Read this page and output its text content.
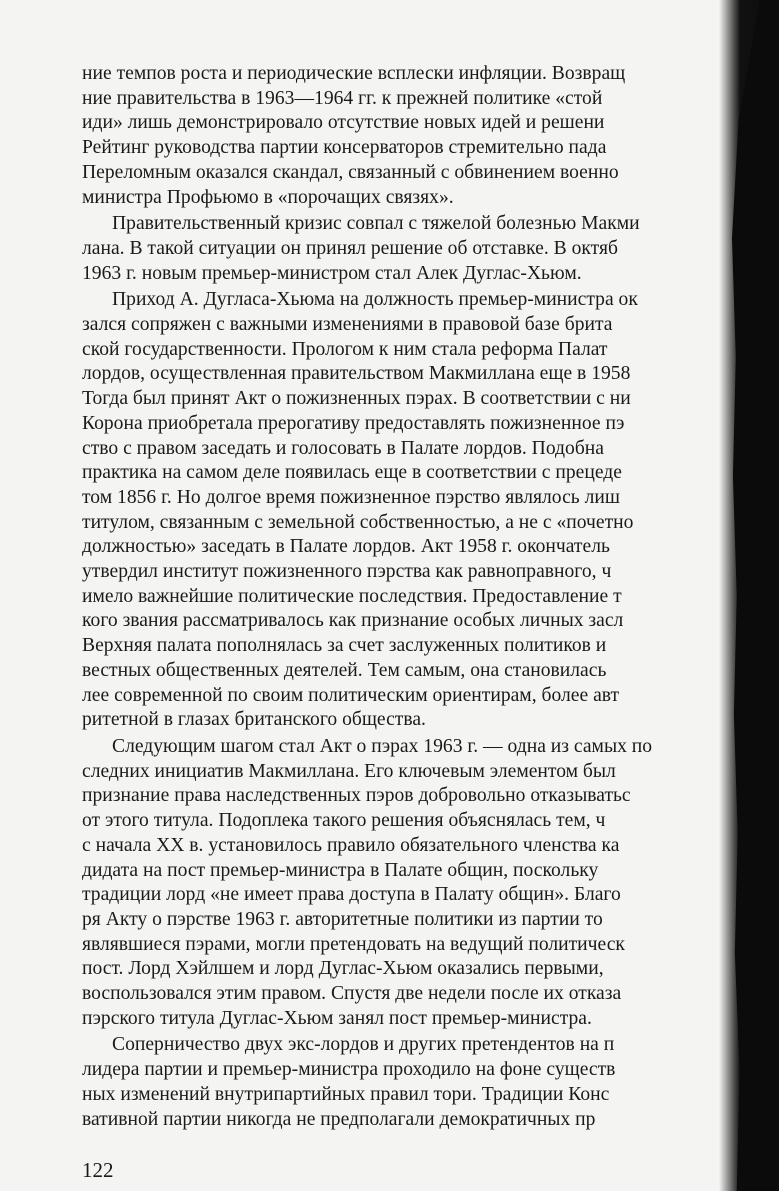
ние темпов роста и периодические всплески инфляции. Возвращ
ние правительства в 1963—1964 гг. к прежней политике «стой
иди» лишь демонстрировало отсутствие новых идей и решени
Рейтинг руководства партии консерваторов стремительно пада
Переломным оказался скандал, связанный с обвинением военно
министра Профьюмо в «порочащих связях».
Правительственный кризис совпал с тяжелой болезнью Макми
лана. В такой ситуации он принял решение об отставке. В октяб
1963 г. новым премьер-министром стал Алек Дуглас-Хьюм.
Приход А. Дугласа-Хьюма на должность премьер-министра ок
зался сопряжен с важными изменениями в правовой базе брита
ской государственности. Прологом к ним стала реформа Палат
лордов, осуществленная правительством Макмиллана еще в 1958
Тогда был принят Акт о пожизненных пэрах. В соответствии с ни
Корона приобретала прерогативу предоставлять пожизненное пэ
ство с правом заседать и голосовать в Палате лордов. Подобна
практика на самом деле появилась еще в соответствии с прецеде
том 1856 г. Но долгое время пожизненное пэрство являлось лиш
титулом, связанным с земельной собственностью, а не с «почетно
должностью» заседать в Палате лордов. Акт 1958 г. окончатель
утвердил институт пожизненного пэрства как равноправного, ч
имело важнейшие политические последствия. Предоставление т
кого звания рассматривалось как признание особых личных засл
Верхняя палата пополнялась за счет заслуженных политиков и
вестных общественных деятелей. Тем самым, она становилась
лее современной по своим политическим ориентирам, более авт
ритетной в глазах британского общества.
Следующим шагом стал Акт о пэрах 1963 г. — одна из самых по
следних инициатив Макмиллана. Его ключевым элементом был
признание права наследственных пэров добровольно отказыватьс
от этого титула. Подоплека такого решения объяснялась тем, ч
с начала XX в. установилось правило обязательного членства ка
дидата на пост премьер-министра в Палате общин, поскольку
традиции лорд «не имеет права доступа в Палату общин». Благо
ря Акту о пэрстве 1963 г. авторитетные политики из партии то
являвшиеся пэрами, могли претендовать на ведущий политическ
пост. Лорд Хэйлшем и лорд Дуглас-Хьюм оказались первыми,
воспользовался этим правом. Спустя две недели после их отказа
пэрского титула Дуглас-Хьюм занял пост премьер-министра.
Соперничество двух экс-лордов и других претендентов на п
лидера партии и премьер-министра проходило на фоне существ
ных изменений внутрипартийных правил тори. Традиции Конс
вативной партии никогда не предполагали демократичных пр
122
